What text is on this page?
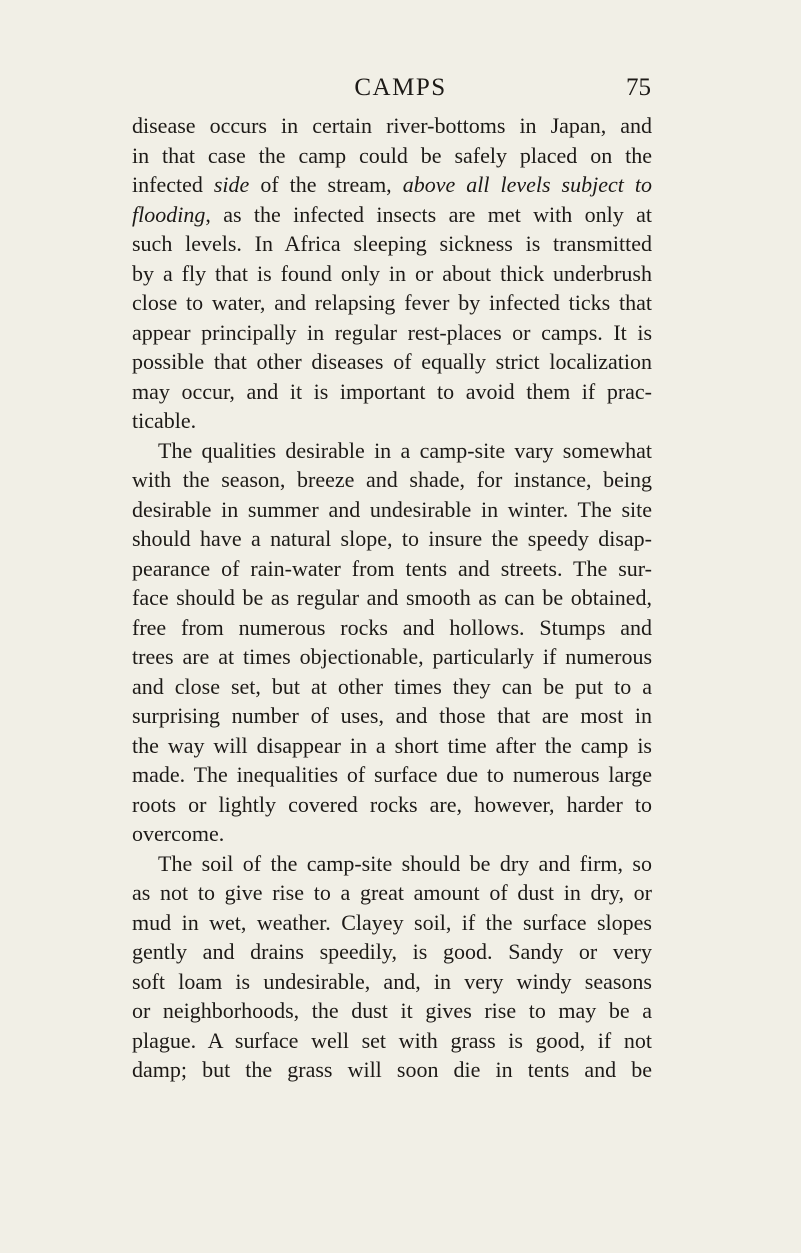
CAMPS	75
disease occurs in certain river-bottoms in Japan, and
in that case the camp could be safely placed on the
infected side of the stream, above all levels subject to
flooding, as the infected insects are met with only at
such levels. In Africa sleeping sickness is transmitted
by a fly that is found only in or about thick underbrush
close to water, and relapsing fever by infected ticks that
appear principally in regular rest-places or camps. It is
possible that other diseases of equally strict localization
may occur, and it is important to avoid them if prac-
ticable.
The qualities desirable in a camp-site vary somewhat
with the season, breeze and shade, for instance, being
desirable in summer and undesirable in winter. The site
should have a natural slope, to insure the speedy disap-
pearance of rain-water from tents and streets. The sur-
face should be as regular and smooth as can be obtained,
free from numerous rocks and hollows. Stumps and
trees are at times objectionable, particularly if numerous
and close set, but at other times they can be put to a
surprising number of uses, and those that are most in
the way will disappear in a short time after the camp is
made. The inequalities of surface due to numerous large
roots or lightly covered rocks are, however, harder to
overcome.
The soil of the camp-site should be dry and firm, so
as not to give rise to a great amount of dust in dry, or
mud in wet, weather. Clayey soil, if the surface slopes
gently and drains speedily, is good. Sandy or very
soft loam is undesirable, and, in very windy seasons
or neighborhoods, the dust it gives rise to may be a
plague. A surface well set with grass is good, if not
damp; but the grass will soon die in tents and be
